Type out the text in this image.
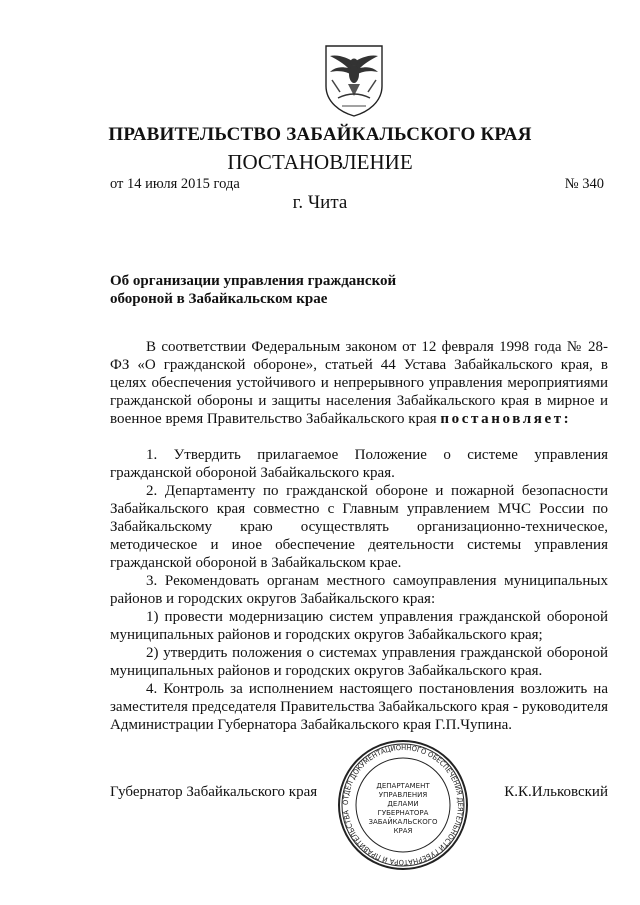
ПРАВИТЕЛЬСТВО ЗАБАЙКАЛЬСКОГО КРАЯ
ПОСТАНОВЛЕНИЕ
от 14 июля 2015 года	№ 340
г. Чита
Об организации управления гражданской
обороной в Забайкальском крае

В соответствии Федеральным законом от 12 февраля 1998 года № 28-ФЗ «О гражданской обороне», статьей 44 Устава Забайкальского края, в целях обеспечения устойчивого и непрерывного управления мероприятиями гражданской обороны и защиты населения Забайкальского края в мирное и военное время Правительство Забайкальского края постановляет:

1. Утвердить прилагаемое Положение о системе управления гражданской обороной Забайкальского края.

2. Департаменту по гражданской обороне и пожарной безопасности Забайкальского края совместно с Главным управлением МЧС России по Забайкальскому краю осуществлять организационно-техническое, методическое и иное обеспечение деятельности системы управления гражданской обороной в Забайкальском крае.

3. Рекомендовать органам местного самоуправления муниципальных районов и городских округов Забайкальского края:

1) провести модернизацию систем управления гражданской обороной муниципальных районов и городских округов Забайкальского края;

2) утвердить положения о системах управления гражданской обороной муниципальных районов и городских округов Забайкальского края.

4. Контроль за исполнением настоящего постановления возложить на заместителя председателя Правительства Забайкальского края - руководителя Администрации Губернатора Забайкальского края Г.П.Чупина.

Губернатор Забайкальского края	К.К.Ильковский
ОТДЕЛ ДОКУМЕНТАЦИОННОГО ОБЕСПЕЧЕНИЯ ДЕЯТЕЛЬНОСТИ ГУБЕРНАТОРА И ПРАВИТЕЛЬСТВА
ДЕПАРТАМЕНТ
УПРАВЛЕНИЯ
ДЕЛАМИ
ГУБЕРНАТОРА
ЗАБАЙКАЛЬСКОГО
КРАЯ
